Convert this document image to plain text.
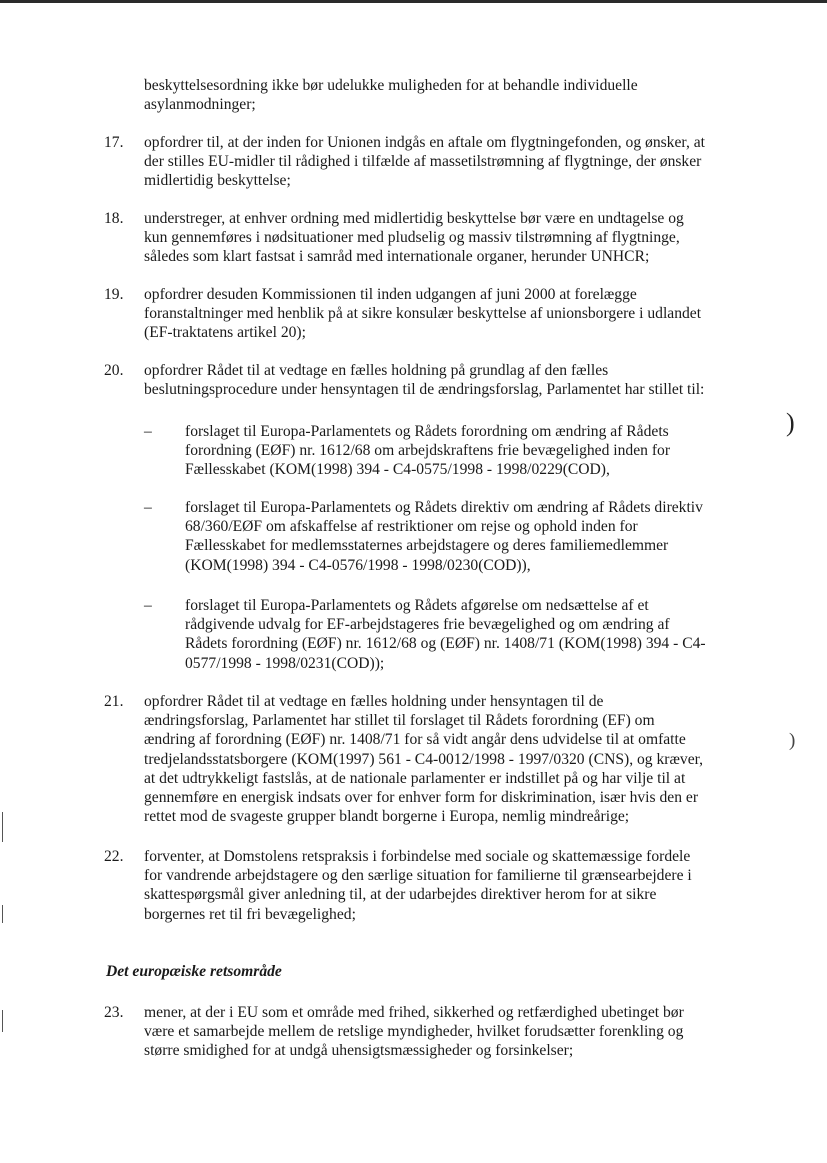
beskyttelsesordning ikke bør udelukke muligheden for at behandle individuelle
asylanmodninger;
17. opfordrer til, at der inden for Unionen indgås en aftale om flygtningefonden, og ønsker, at
der stilles EU-midler til rådighed i tilfælde af massetilstrømning af flygtninge, der ønsker
midlertidig beskyttelse;
18. understreger, at enhver ordning med midlertidig beskyttelse bør være en undtagelse og
kun gennemføres i nødsituationer med pludselig og massiv tilstrømning af flygtninge,
således som klart fastsat i samråd med internationale organer, herunder UNHCR;
19. opfordrer desuden Kommissionen til inden udgangen af juni 2000 at forelægge
foranstaltninger med henblik på at sikre konsulær beskyttelse af unionsborgere i udlandet
(EF-traktatens artikel 20);
20. opfordrer Rådet til at vedtage en fælles holdning på grundlag af den fælles
beslutningsprocedure under hensyntagen til de ændringsforslag, Parlamentet har stillet til:
– forslaget til Europa-Parlamentets og Rådets forordning om ændring af Rådets
forordning (EØF) nr. 1612/68 om arbejdskraftens frie bevægelighed inden for
Fællesskabet (KOM(1998) 394 - C4-0575/1998 - 1998/0229(COD),
– forslaget til Europa-Parlamentets og Rådets direktiv om ændring af Rådets direktiv
68/360/EØF om afskaffelse af restriktioner om rejse og ophold inden for
Fællesskabet for medlemsstaternes arbejdstagere og deres familiemedlemmer
(KOM(1998) 394 - C4-0576/1998 - 1998/0230(COD)),
– forslaget til Europa-Parlamentets og Rådets afgørelse om nedsættelse af et
rådgivende udvalg for EF-arbejdstageres frie bevægelighed og om ændring af
Rådets forordning (EØF) nr. 1612/68 og (EØF) nr. 1408/71 (KOM(1998) 394 - C4-
0577/1998 - 1998/0231(COD));
21. opfordrer Rådet til at vedtage en fælles holdning under hensyntagen til de
ændringsforslag, Parlamentet har stillet til forslaget til Rådets forordning (EF) om
ændring af forordning (EØF) nr. 1408/71 for så vidt angår dens udvidelse til at omfatte
tredjelandsstatsborgere (KOM(1997) 561 - C4-0012/1998 - 1997/0320 (CNS), og kræver,
at det udtrykkeligt fastslås, at de nationale parlamenter er indstillet på og har vilje til at
gennemføre en energisk indsats over for enhver form for diskrimination, især hvis den er
rettet mod de svageste grupper blandt borgerne i Europa, nemlig mindreårige;
22. forventer, at Domstolens retspraksis i forbindelse med sociale og skattemæssige fordele
for vandrende arbejdstagere og den særlige situation for familierne til grænsearbejdere i
skattespørgsmål giver anledning til, at der udarbejdes direktiver herom for at sikre
borgernes ret til fri bevægelighed;
Det europæiske retsområde
23. mener, at der i EU som et område med frihed, sikkerhed og retfærdighed ubetinget bør
være et samarbejde mellem de retslige myndigheder, hvilket forudsætter forenkling og
større smidighed for at undgå uhensigtsmæssigheder og forsinkelser;
)
)
